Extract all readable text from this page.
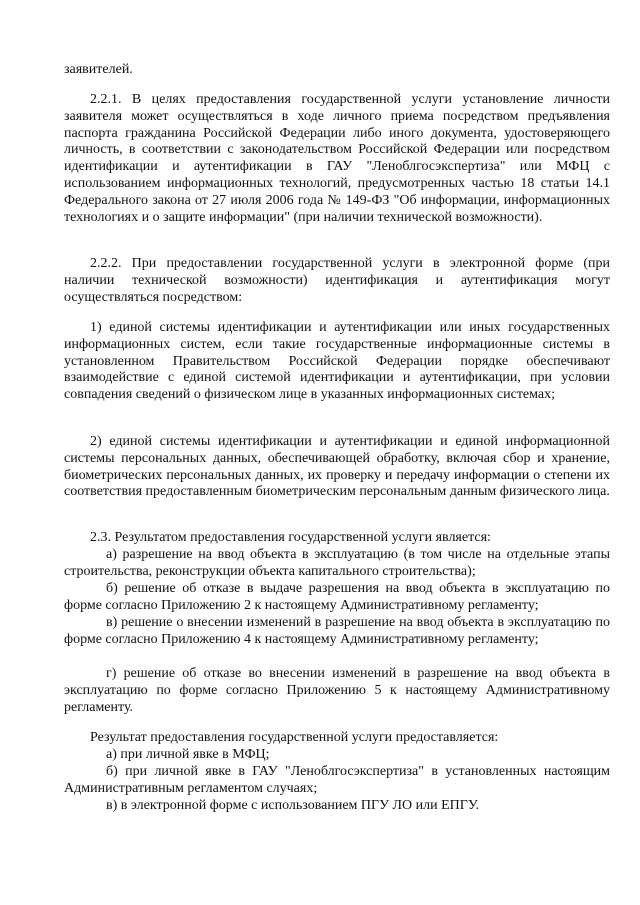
заявителей.

2.2.1. В целях предоставления государственной услуги установление личности заявителя может осуществляться в ходе личного приема посредством предъявления паспорта гражданина Российской Федерации либо иного документа, удостоверяющего личность, в соответствии с законодательством Российской Федерации или посредством идентификации и аутентификации в ГАУ "Леноблгосэкспертиза" или МФЦ с использованием информационных технологий, предусмотренных частью 18 статьи 14.1 Федерального закона от 27 июля 2006 года № 149-ФЗ "Об информации, информационных технологиях и о защите информации" (при наличии технической возможности).

2.2.2. При предоставлении государственной услуги в электронной форме (при наличии технической возможности) идентификация и аутентификация могут осуществляться посредством:

1) единой системы идентификации и аутентификации или иных государственных информационных систем, если такие государственные информационные системы в установленном Правительством Российской Федерации порядке обеспечивают взаимодействие с единой системой идентификации и аутентификации, при условии совпадения сведений о физическом лице в указанных информационных системах;

2) единой системы идентификации и аутентификации и единой информационной системы персональных данных, обеспечивающей обработку, включая сбор и хранение, биометрических персональных данных, их проверку и передачу информации о степени их соответствия предоставленным биометрическим персональным данным физического лица.

2.3. Результатом предоставления государственной услуги является:

а) разрешение на ввод объекта в эксплуатацию (в том числе на отдельные этапы строительства, реконструкции объекта капитального строительства);

б) решение об отказе в выдаче разрешения на ввод объекта в эксплуатацию по форме согласно Приложению 2 к настоящему Административному регламенту;

в) решение о внесении изменений в разрешение на ввод объекта в эксплуатацию по форме согласно Приложению 4 к настоящему Административному регламенту;

г) решение об отказе во внесении изменений в разрешение на ввод объекта в эксплуатацию по форме согласно Приложению 5 к настоящему Административному регламенту.

Результат предоставления государственной услуги предоставляется:

а) при личной явке в МФЦ;

б) при личной явке в ГАУ "Леноблгосэкспертиза" в установленных настоящим Административным регламентом случаях;

в) в электронной форме с использованием ПГУ ЛО или ЕПГУ.
